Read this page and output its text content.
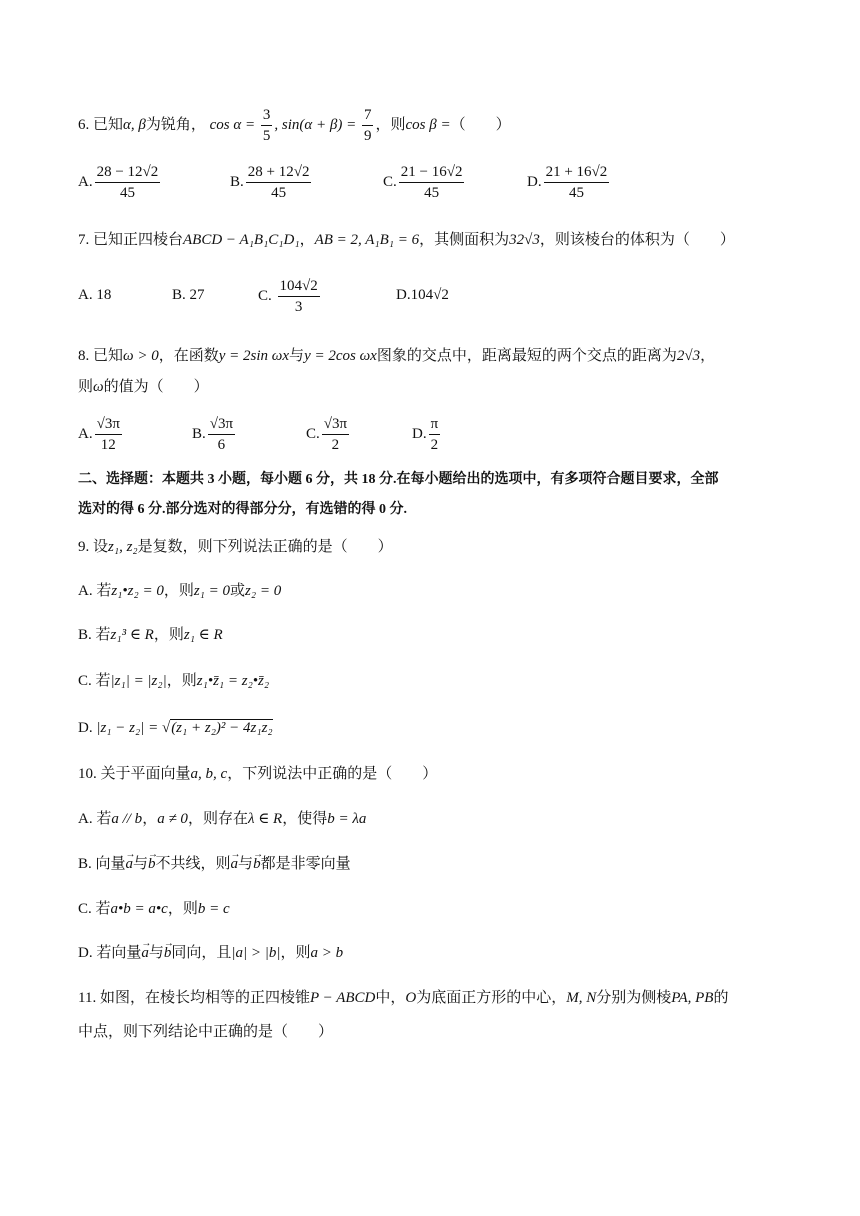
6. 已知α, β为锐角， $\cos \alpha = \frac{3}{5}$ , $\sin(\alpha + \beta) = \frac{7}{9}$ ，则cos β =（　　）
A. $\frac{28 - 12√2}{45}$	B. $\frac{28 + 12√2}{45}$	C. $\frac{21 - 16√2}{45}$	D. $\frac{21 + 16√2}{45}$
7. 已知正四棱台ABCD − A₁B₁C₁D₁，AB = 2, A₁B₁ = 6，其侧面积为32√3，则该棱台的体积为（　　）
A. 18	B. 27	C. $\frac{104√2}{3}$	D.104√2
8. 已知ω > 0，在函数y = 2sin ωx与y = 2cos ωx图象的交点中，距离最短的两个交点的距离为2√3，
则ω的值为（　　）
A. $\frac{√3\pi}{12}$	B. $\frac{√3\pi}{6}$	C. $\frac{√3\pi}{2}$	D. $\frac{\pi}{2}$
二、选择题：本题共 3 小题，每小题 6 分，共 18 分.在每小题给出的选项中，有多项符合题目要求，全部
选对的得 6 分.部分选对的得部分分，有选错的得 0 分.
9. 设z₁, z₂是复数，则下列说法正确的是（　　）
A. 若z₁•z₂ = 0，则z₁ = 0或z₂ = 0
B. 若z₁³ ∈ R，则z₁ ∈ R
C. 若|z₁| = |z₂|，则z₁•z̄₁ = z₂•z̄₂
D. |z₁ − z₂| = √(z₁ + z₂)² − 4z₁z₂
10. 关于平面向量a, b, c，下列说法中正确的是（　　）
A. 若a // b，a ≠ 0，则存在λ ∈ R，使得b = λa
B. 向量→ a与→ b不共线，则→ a与→ b都是非零向量
C. 若a•b = a•c，则b = c
D. 若向量→ a与→ b同向，且|a| > |b|，则a > b
11. 如图，在棱长均相等的正四棱锥P − ABCD中，O为底面正方形的中心，M, N分别为侧棱PA, PB的
中点，则下列结论中正确的是（　　）
